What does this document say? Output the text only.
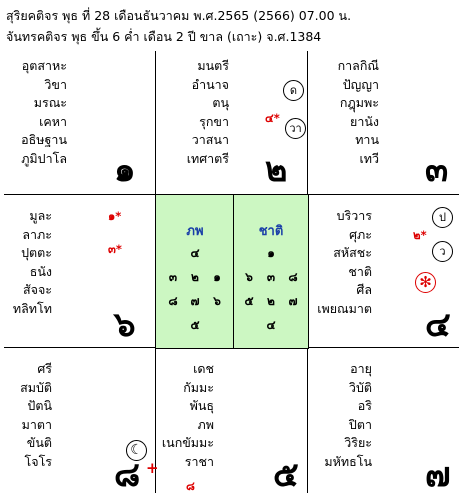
สุริยคติจร พุธ ที่ 28 เดือนธันวาคม พ.ศ.2565 (2566) 07.00 น.
จันทรคติจร พุธ ขึ้น 6 ค่ำ เดือน 2 ปี ขาล (เถาะ) จ.ศ.1384
อุตสาหะ
วิขา
มรณะ
เคหา
อธิษฐาน
ภูมิปาโล ๑
มนตรี
อำนาจ
ตนุ
รุกขา
วาสนา
เทศาตรี
ด
๔*
วา
๒
กาลกิณี
ปัญญา
กฎุมพะ
ยานัง
ทาน
เทวี ๓
มูละ
ลาภะ
ปุตตะ
ธนัง
สัจจะ
ทลิทโท
๑*
๓*
๖
บริวาร
ศุภะ
สหัสชะ
ชาติ
ศีล
เพยณมาต
ป
๒*
ว
✻
๔
ศรี
สมบัติ
ปัตนิ
มาตา
ขันติ
โจโร
☾
๘ +
เดช
กัมมะ
พันธุ
ภพ
เนกขัมมะ
ราชา
๘ ๕
อายุ
วิบัติ
อริ
ปิตา
วิริยะ
มหัทธโน ๗
ภพ
๔
๓ ๒ ๑
๘ ๗ ๖
๕
ชาติ
๑
๖ ๓ ๘
๕ ๒ ๗
๔
